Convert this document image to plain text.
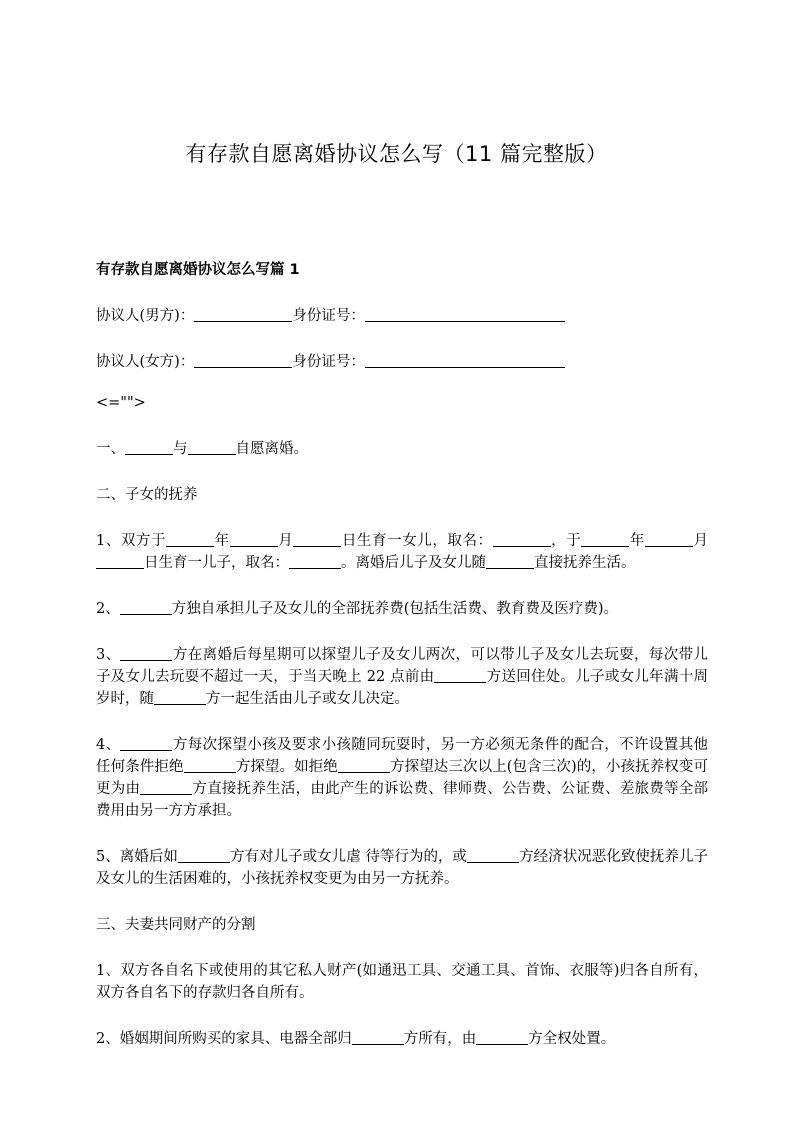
有存款自愿离婚协议怎么写（11 篇完整版）
有存款自愿离婚协议怎么写篇 1

协议人(男方)：	身份证号：

协议人(女方)：	身份证号：

<="">

一、	与	自愿离婚。

二、子女的抚养

1、双方于	年	月	日生育一女儿，取名：	，于	年	月日生育一儿子，取名：	。离婚后儿子及女儿随	直接抚养生活。

2、	方独自承担儿子及女儿的全部抚养费(包括生活费、教育费及医疗费)。

3、	方在离婚后每星期可以探望儿子及女儿两次，可以带儿子及女儿去玩耍，每次带儿子及女儿去玩耍不超过一天，于当天晚上 22 点前由	方送回住处。儿子或女儿年满十周岁时，随	方一起生活由儿子或女儿决定。

4、	方每次探望小孩及要求小孩随同玩耍时，另一方必须无条件的配合，不许设置其他任何条件拒绝	方探望。如拒绝	方探望达三次以上(包含三次)的，小孩抚养权变可更为由	方直接抚养生活，由此产生的诉讼费、律师费、公告费、公证费、差旅费等全部费用由另一方方承担。

5、离婚后如	方有对儿子或女儿虐 待等行为的，或	方经济状况恶化致使抚养儿子及女儿的生活困难的，小孩抚养权变更为由另一方抚养。

三、夫妻共同财产的分割

1、双方各自名下或使用的其它私人财产(如通迅工具、交通工具、首饰、衣服等)归各自所有，双方各自名下的存款归各自所有。

2、婚姻期间所购买的家具、电器全部归	方所有，由	方全权处置。
